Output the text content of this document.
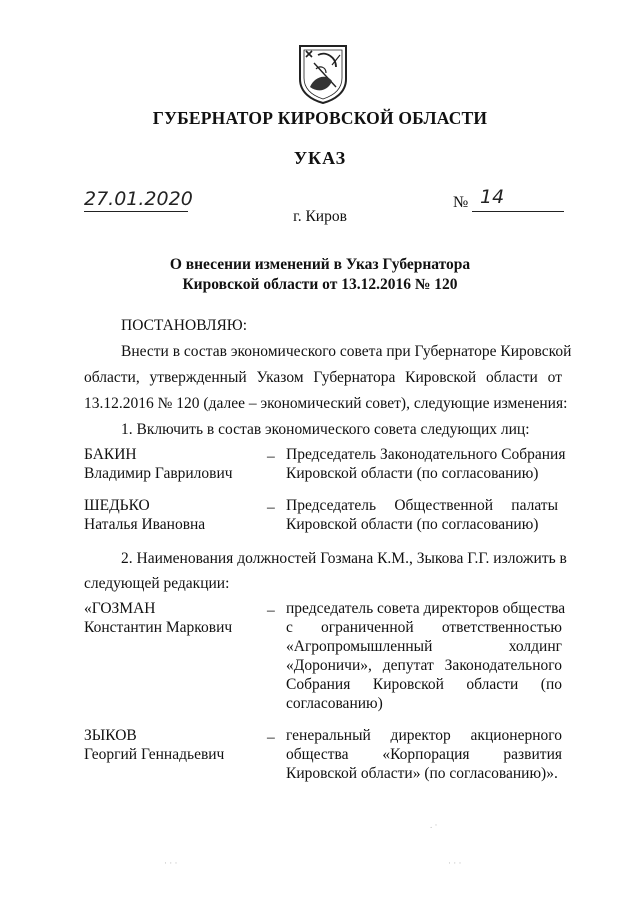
ГУБЕРНАТОР КИРОВСКОЙ ОБЛАСТИ
УКАЗ
27.01.2020	№ 14
г. Киров
О внесении изменений в Указ Губернатора
Кировской области от 13.12.2016 № 120
ПОСТАНОВЛЯЮ:
Внести в состав экономического совета при Губернаторе Кировской
области, утвержденный Указом Губернатора Кировской области от
13.12.2016 № 120 (далее – экономический совет), следующие изменения:
1. Включить в состав экономического совета следующих лиц:
БАКИН
Владимир Гаврилович
– Председатель Законодательного Собрания
Кировской области (по согласованию)
ШЕДЬКО
Наталья Ивановна
– Председатель Общественной палаты
Кировской области (по согласованию)
2. Наименования должностей Гозмана К.М., Зыкова Г.Г. изложить в
следующей редакции:
«ГОЗМАН
Константин Маркович
– председатель совета директоров общества
с ограниченной ответственностью
«Агропромышленный холдинг
«Дороничи», депутат Законодательного
Собрания Кировской области (по
согласованию)
ЗЫКОВ
Георгий Геннадьевич
– генеральный директор акционерного
общества «Корпорация развития
Кировской области» (по согласованию)».
. ·
· · ·	· · ·
